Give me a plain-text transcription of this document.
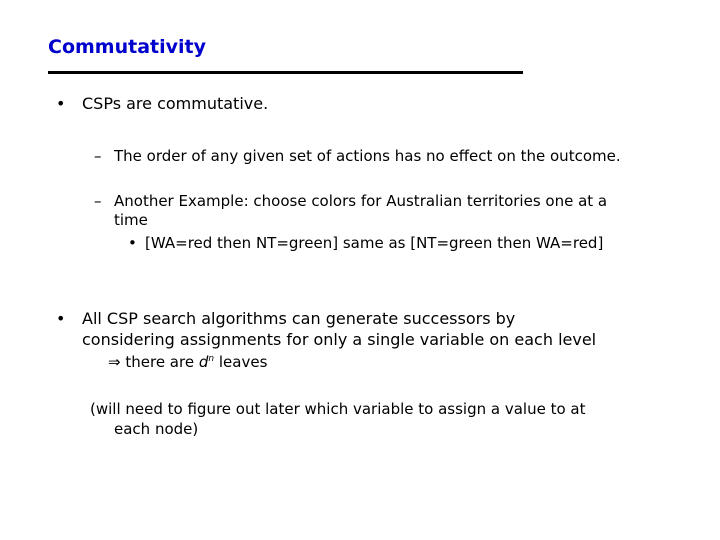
Commutativity
• CSPs are commutative.
– The order of any given set of actions has no effect on the outcome.
– Another Example: choose colors for Australian territories one at a
time
• [WA=red then NT=green] same as [NT=green then WA=red]
• All CSP search algorithms can generate successors by
considering assignments for only a single variable on each level
⇒ there are $d^n$ leaves
(will need to figure out later which variable to assign a value to at
each node)
